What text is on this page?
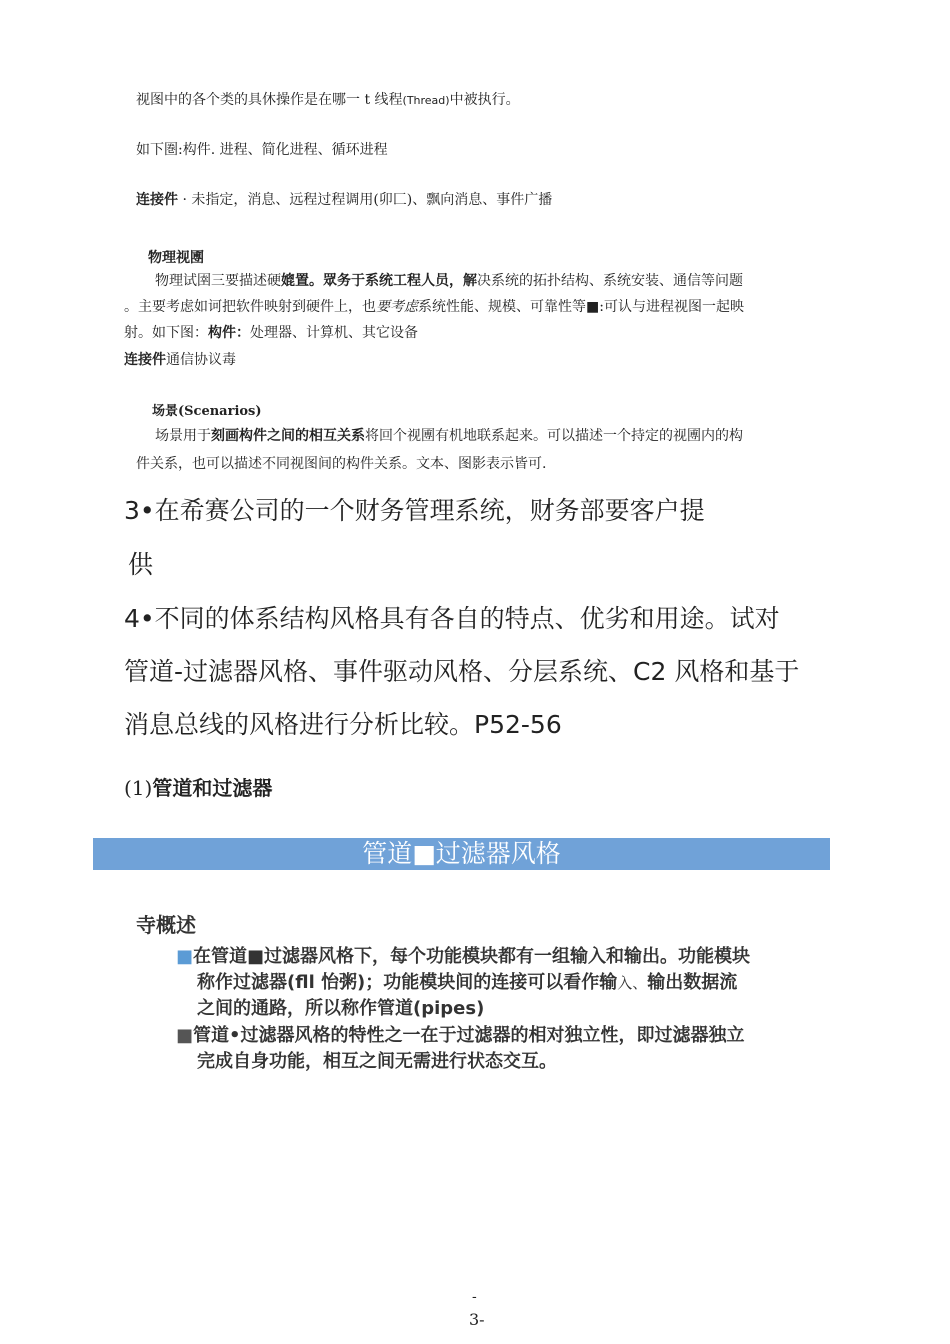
视图中的各个类的具休操作是在哪一 t 线程(Thread)中被执行。
如下圏:构件. 进程、简化进程、循环进程
连接件 · 未指定，消息、远程过程调用(卯匚)、飘向消息、事件广播
物理视圑
物理试圉三要描述硬媲置。眾务于系统工程人员，解决系统的拓扑结构、系统安装、通信等问题
。主要考虑如诃把软件映射到硬件上，也要考虑系统性能、规模、可靠性等■:可认与进程视图一起映
射。如下图：构件：处理器、计算机、其它设备
连接件通信协议毒
场景(Scenarios)
场景用于刻画构件之间的相互关系将回个视圑有机地联系起来。可以描述一个持定的视圑内的构
件关系，也可以描述不同视图间的构件关系。文本、图影表示皆可.
3•在希赛公司的一个财务管理系统，财务部要客户提
供
4•不同的体系结构风格具有各自的特点、优劣和用途。试对
管道-过滤器风格、事件驱动风格、分层系统、C2 风格和基于
消息总线的风格进行分析比较。P52-56
(1)管道和过滤器
管道■过滤器风格
寺概述
■在管道■过滤器风格下，每个功能模块都有一组输入和输出。功能模块
称作过滤器(fll 怡粥)；功能模块间的连接可以看作输入、输出数据流
之间的通路，所以称作管道(pipes)
■管道•过滤器风格的特性之一在于过滤器的相对独立性，即过滤器独立
完成自身功能，相互之间无需进行状态交互。
-
3-
